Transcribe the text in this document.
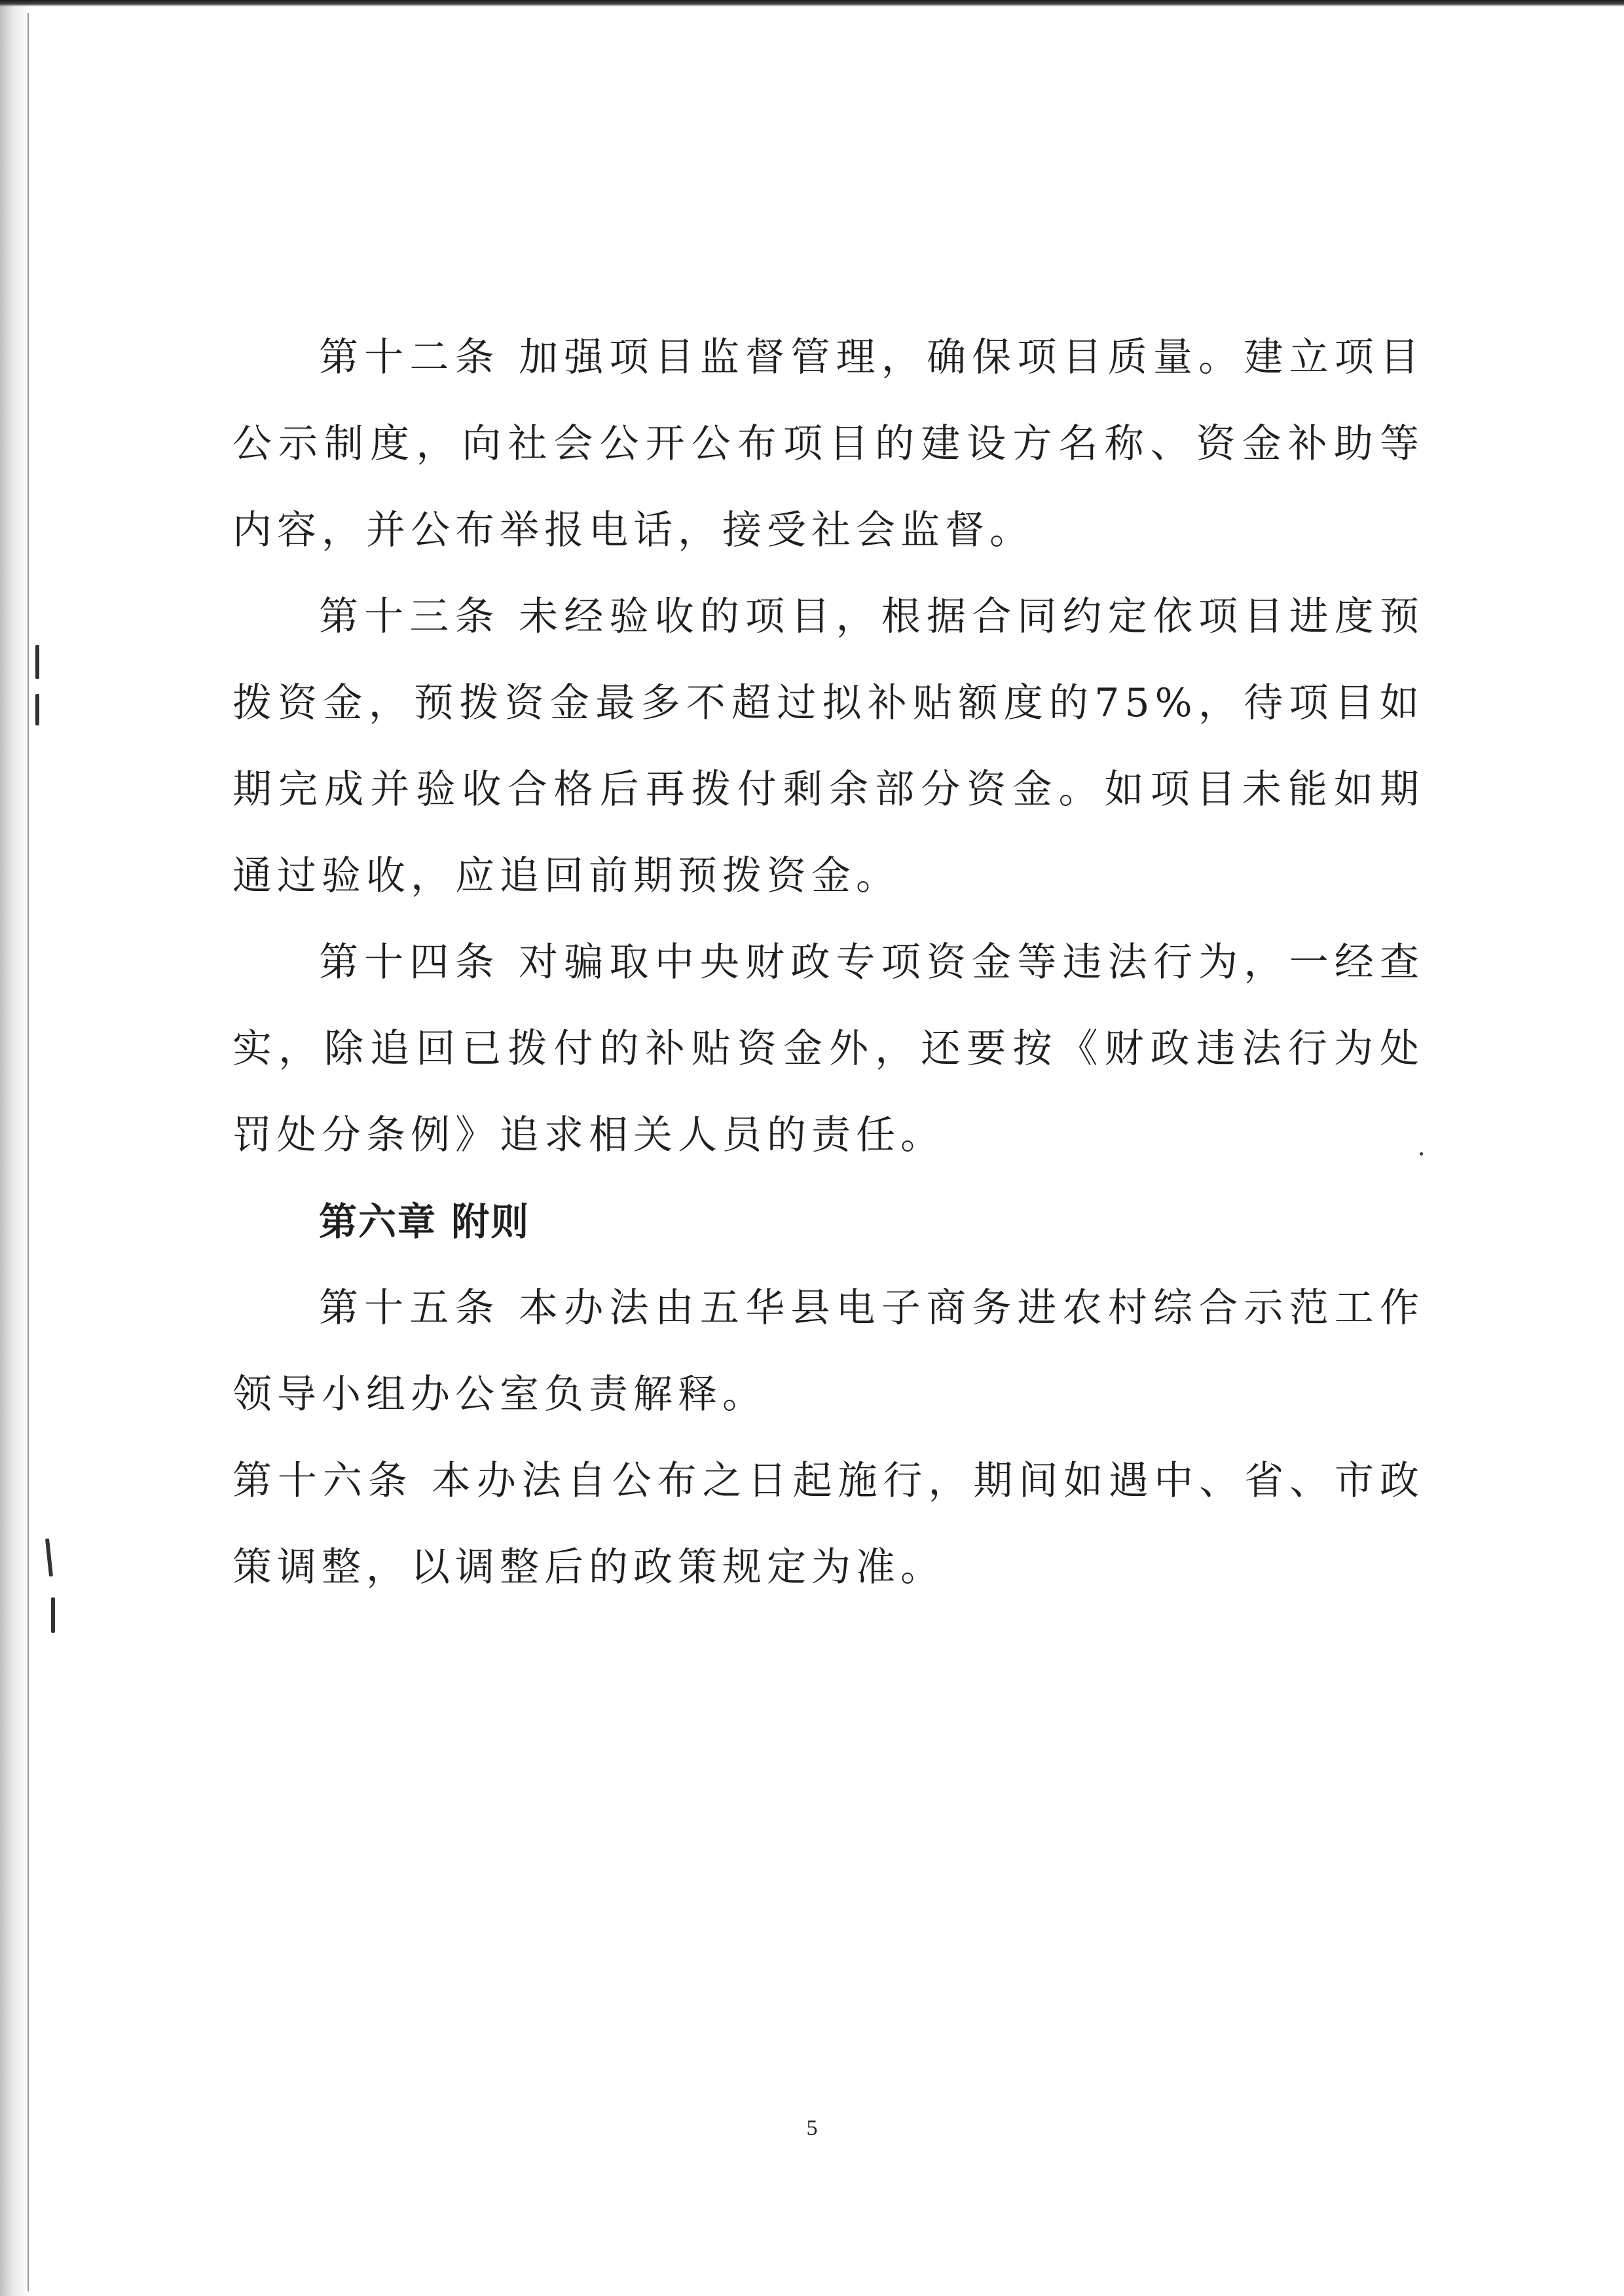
第十二条 加强项目监督管理，确保项目质量。建立项目公示制度，向社会公开公布项目的建设方名称、资金补助等内容，并公布举报电话，接受社会监督。

第十三条 未经验收的项目，根据合同约定依项目进度预拨资金，预拨资金最多不超过拟补贴额度的75%，待项目如期完成并验收合格后再拨付剩余部分资金。如项目未能如期通过验收，应追回前期预拨资金。

第十四条 对骗取中央财政专项资金等违法行为，一经查实，除追回已拨付的补贴资金外，还要按《财政违法行为处罚处分条例》追求相关人员的责任。

第六章 附则

第十五条 本办法由五华县电子商务进农村综合示范工作领导小组办公室负责解释。

第十六条 本办法自公布之日起施行，期间如遇中、省、市政策调整，以调整后的政策规定为准。

5
